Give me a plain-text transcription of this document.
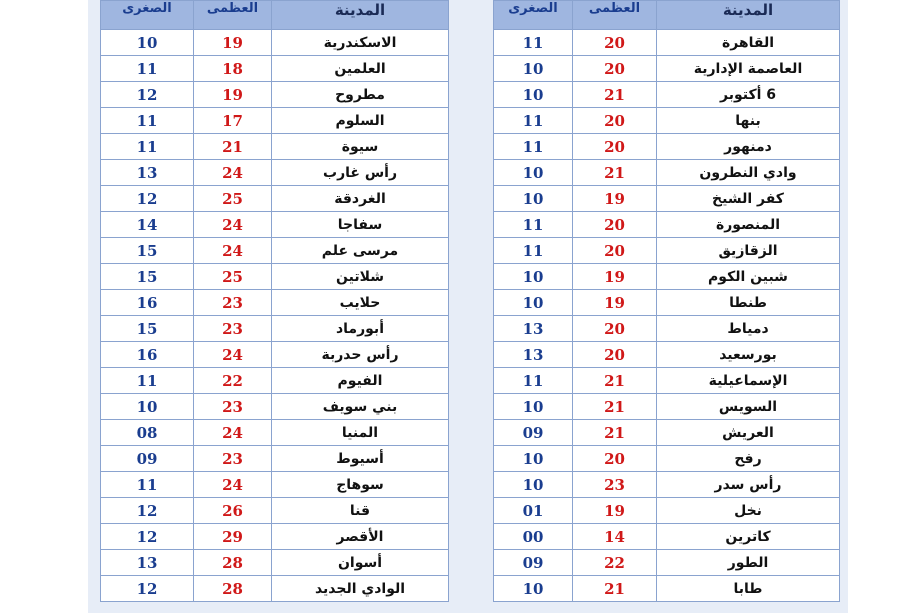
الصغرى	العظمى	المدينة
10	19	الاسكندرية
11	18	العلمين
12	19	مطروح
11	17	السلوم
11	21	سيوة
13	24	رأس غارب
12	25	الغردقة
14	24	سفاجا
15	24	مرسى علم
15	25	شلاتين
16	23	حلايب
15	23	أبورماد
16	24	رأس حدربة
11	22	الفيوم
10	23	بني سويف
08	24	المنيا
09	23	أسيوط
11	24	سوهاج
12	26	قنا
12	29	الأقصر
13	28	أسوان
12	28	الوادي الجديد
الصغرى	العظمى	المدينة
11	20	القاهرة
10	20	العاصمة الإدارية
10	21	6 أكتوبر
11	20	بنها
11	20	دمنهور
10	21	وادي النطرون
10	19	كفر الشيخ
11	20	المنصورة
11	20	الزقازيق
10	19	شبين الكوم
10	19	طنطا
13	20	دمياط
13	20	بورسعيد
11	21	الإسماعيلية
10	21	السويس
09	21	العريش
10	20	رفح
10	23	رأس سدر
01	19	نخل
00	14	كاترين
09	22	الطور
10	21	طابا
